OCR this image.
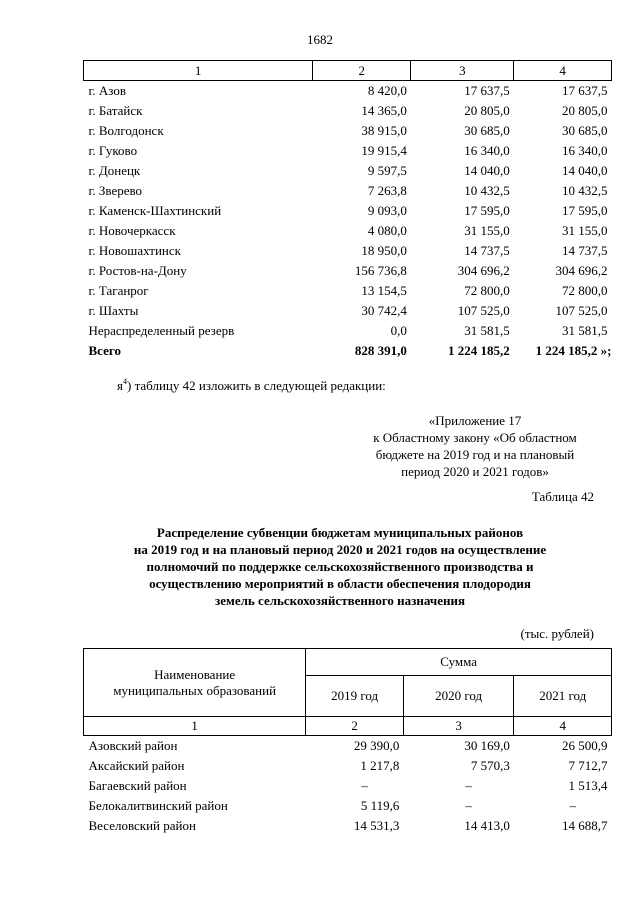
1682
1	2	3	4
г. Азов	8 420,0	17 637,5	17 637,5
г. Батайск	14 365,0	20 805,0	20 805,0
г. Волгодонск	38 915,0	30 685,0	30 685,0
г. Гуково	19 915,4	16 340,0	16 340,0
г. Донецк	9 597,5	14 040,0	14 040,0
г. Зверево	7 263,8	10 432,5	10 432,5
г. Каменск-Шахтинский	9 093,0	17 595,0	17 595,0
г. Новочеркасск	4 080,0	31 155,0	31 155,0
г. Новошахтинск	18 950,0	14 737,5	14 737,5
г. Ростов-на-Дону	156 736,8	304 696,2	304 696,2
г. Таганрог	13 154,5	72 800,0	72 800,0
г. Шахты	30 742,4	107 525,0	107 525,0
Нераспределенный резерв	0,0	31 581,5	31 581,5
Всего	828 391,0	1 224 185,2	1 224 185,2 »;
$я^4$) таблицу 42 изложить в следующей редакции:
«Приложение 17
к Областному закону «Об областном
бюджете на 2019 год и на плановый
период 2020 и 2021 годов»
Таблица 42
Распределение субвенции бюджетам муниципальных районов
на 2019 год и на плановый период 2020 и 2021 годов на осуществление
полномочий по поддержке сельскохозяйственного производства и
осуществлению мероприятий в области обеспечения плодородия
земель сельскохозяйственного назначения
(тыс. рублей)
Наименование
муниципальных образований	Сумма		
	2019 год	2020 год	2021 год
1	2	3	4
Азовский район	29 390,0	30 169,0	26 500,9
Аксайский район	1 217,8	7 570,3	7 712,7
Багаевский район	–	–	1 513,4
Белокалитвинский район	5 119,6	–	–
Веселовский район	14 531,3	14 413,0	14 688,7
